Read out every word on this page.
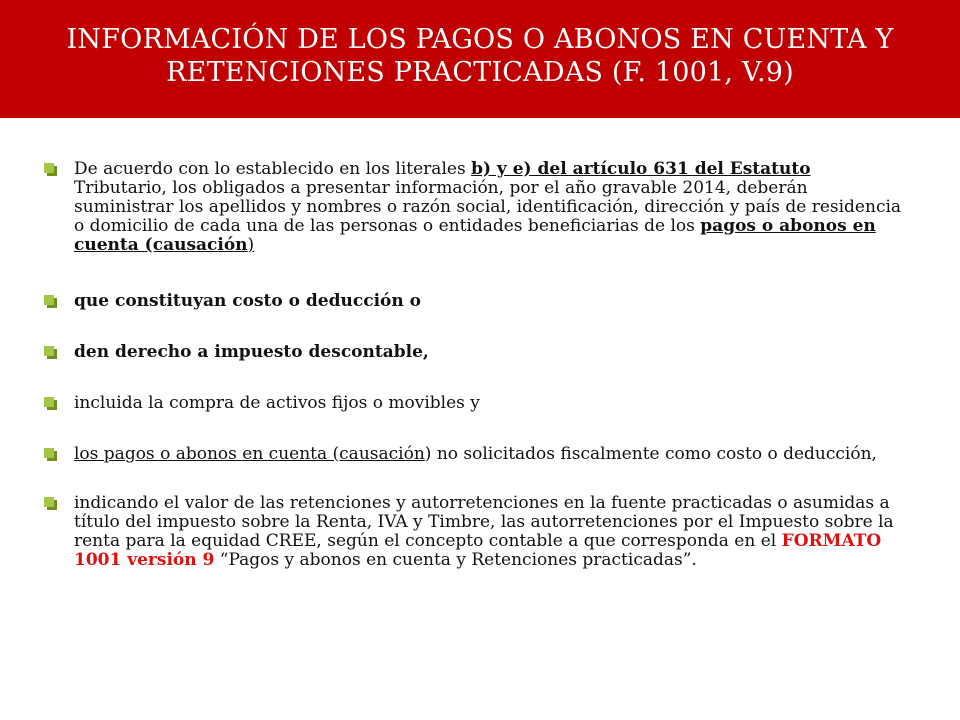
INFORMACIÓN DE LOS PAGOS O ABONOS EN CUENTA Y
RETENCIONES PRACTICADAS (F. 1001, V.9)
De acuerdo con lo establecido en los literales b) y e) del artículo 631 del Estatuto Tributario, los obligados a presentar información, por el año gravable 2014, deberán suministrar los apellidos y nombres o razón social, identificación, dirección y país de residencia o domicilio de cada una de las personas o entidades beneficiarias de los pagos o abonos en cuenta (causación)
que constituyan costo o deducción o
den derecho a impuesto descontable,
incluida la compra de activos fijos o movibles y
los pagos o abonos en cuenta (causación) no solicitados fiscalmente como costo o deducción,
indicando el valor de las retenciones y autorretenciones en la fuente practicadas o asumidas a título del impuesto sobre la Renta, IVA y Timbre, las autorretenciones por el Impuesto sobre la renta para la equidad CREE, según el concepto contable a que corresponda en el FORMATO 1001 versión 9 “Pagos y abonos en cuenta y Retenciones practicadas”.
